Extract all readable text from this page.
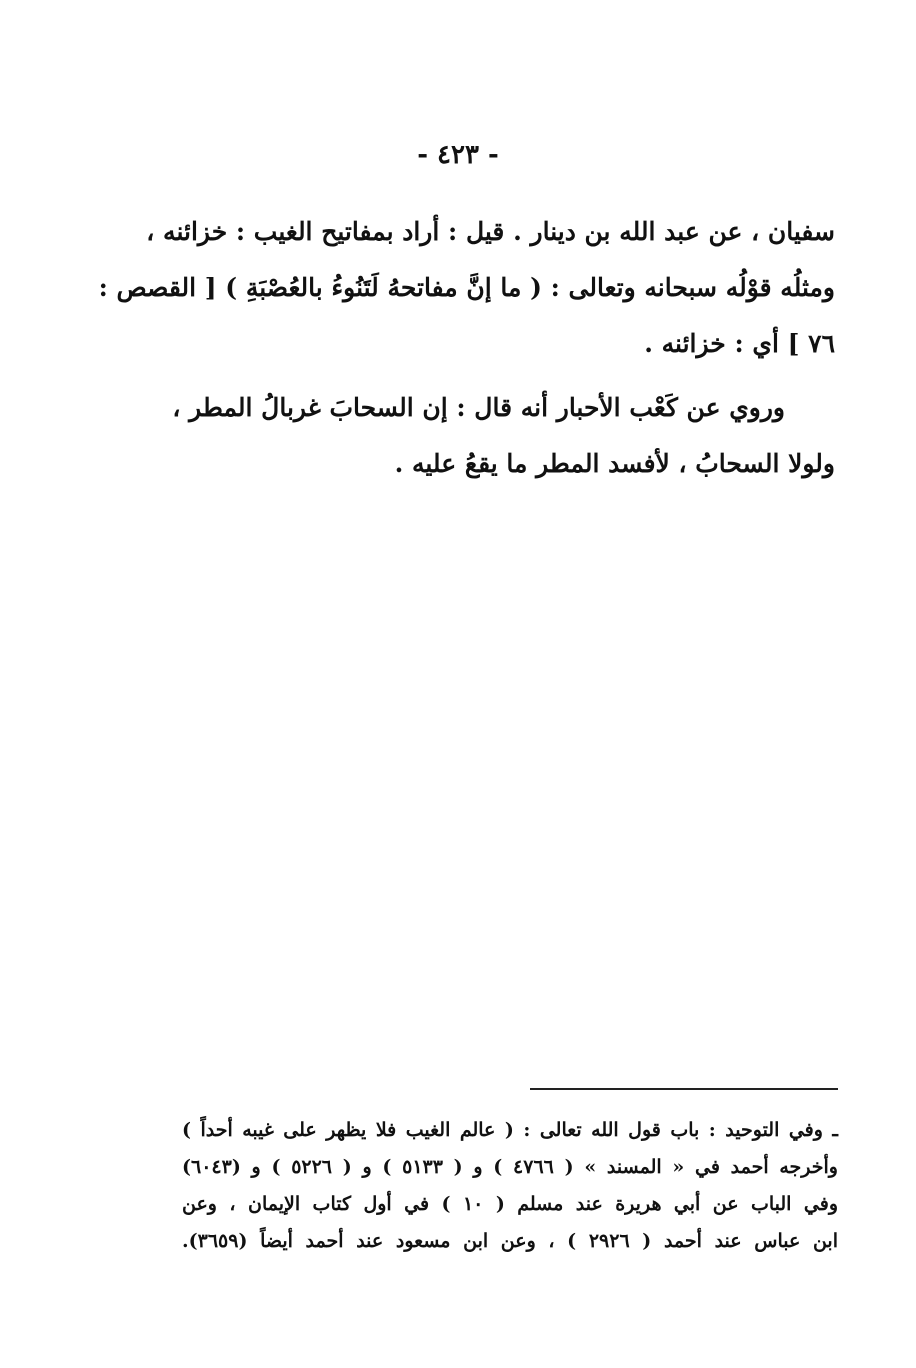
- ٤٢٣ -
سفيان ، عن عبد الله بن دينار . قيل : أراد بمفاتيح الغيب : خزائنه ،
ومثلُه قوْلُه سبحانه وتعالى : ( ما إنَّ مفاتحهُ لَتَنُوءُ بالعُصْبَةِ ) [ القصص :
٧٦ ] أي : خزائنه .
وروي عن كَعْب الأحبار أنه قال : إن السحابَ غربالُ المطر ،
ولولا السحابُ ، لأفسد المطر ما يقعُ عليه .
ـ وفي التوحيد : باب قول الله تعالى : ( عالم الغيب فلا يظهر على غيبه أحداً )
وأخرجه أحمد في « المسند » ( ٤٧٦٦ ) و ( ٥١٣٣ ) و ( ٥٢٢٦ ) و (٦٠٤٣)
وفي الباب عن أبي هريرة عند مسلم ( ١٠ ) في أول كتاب الإيمان ، وعن
ابن عباس عند أحمد ( ٢٩٢٦ ) ، وعن ابن مسعود عند أحمد أيضاً (٣٦٥٩).
